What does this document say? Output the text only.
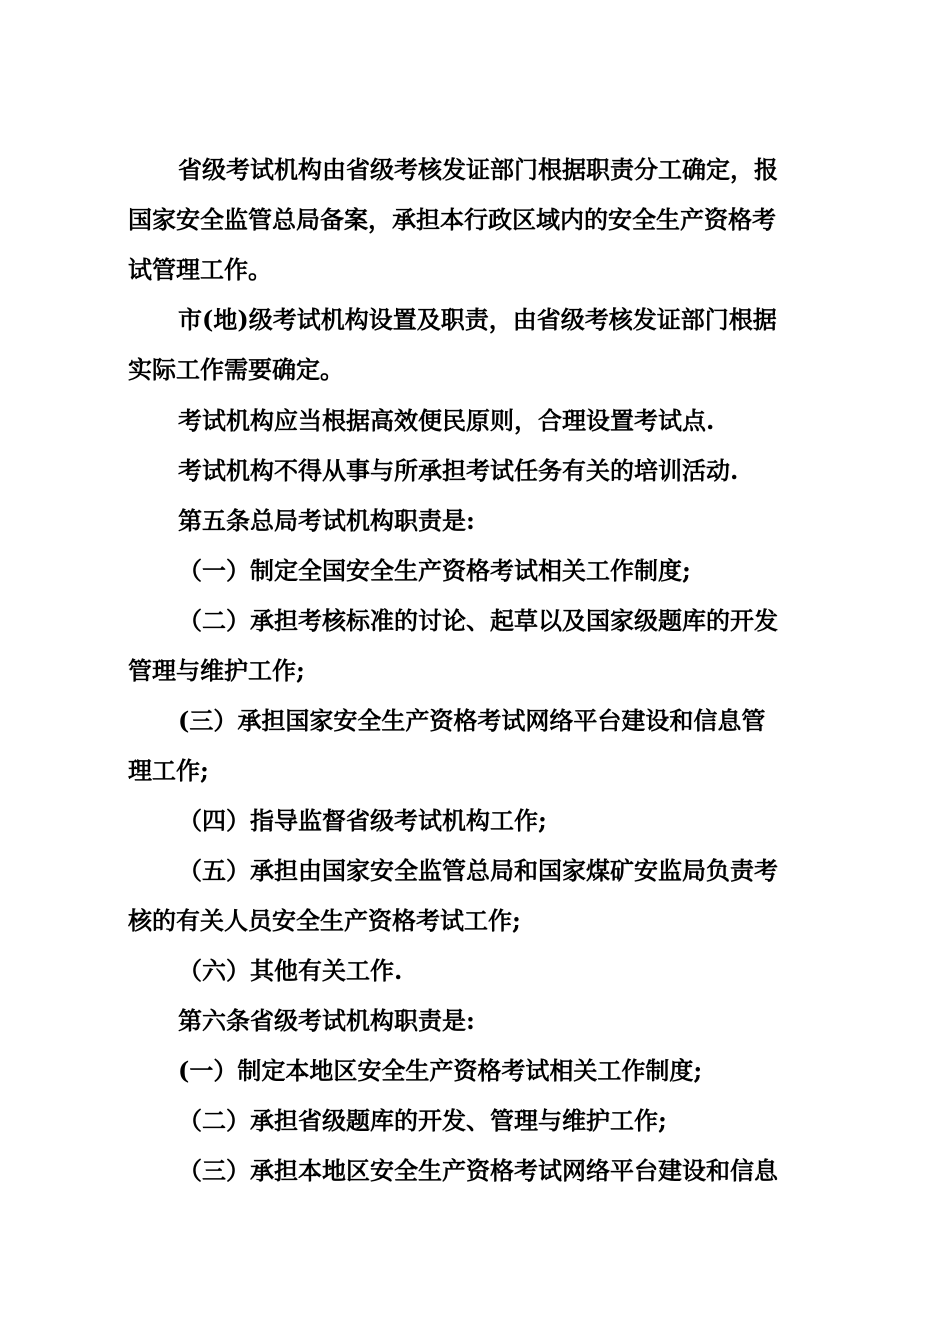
省级考试机构由省级考核发证部门根据职责分工确定，报
国家安全监管总局备案，承担本行政区域内的安全生产资格考
试管理工作。
市(地)级考试机构设置及职责，由省级考核发证部门根据
实际工作需要确定。
考试机构应当根据高效便民原则，合理设置考试点.
考试机构不得从事与所承担考试任务有关的培训活动.
第五条总局考试机构职责是:
（一）制定全国安全生产资格考试相关工作制度;
（二）承担考核标准的讨论、起草以及国家级题库的开发
管理与维护工作;
(三）承担国家安全生产资格考试网络平台建设和信息管
理工作;
（四）指导监督省级考试机构工作;
（五）承担由国家安全监管总局和国家煤矿安监局负责考
核的有关人员安全生产资格考试工作;
（六）其他有关工作.
第六条省级考试机构职责是:
(一）制定本地区安全生产资格考试相关工作制度;
（二）承担省级题库的开发、管理与维护工作;
（三）承担本地区安全生产资格考试网络平台建设和信息
